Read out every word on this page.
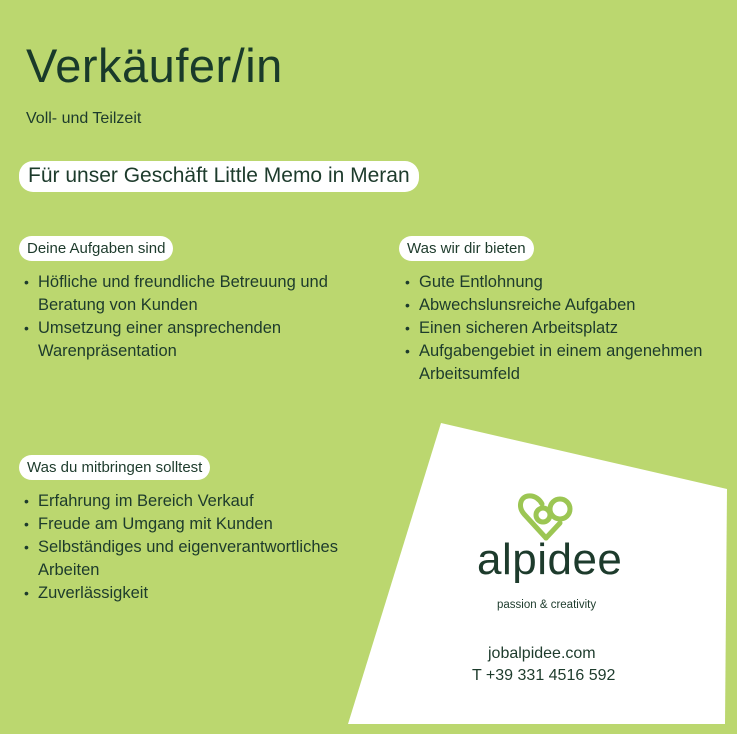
Verkäufer/in
Voll- und Teilzeit
Für unser Geschäft Little Memo in Meran
Deine Aufgaben sind
• Höfliche und freundliche Betreuung und Beratung von Kunden
• Umsetzung einer ansprechenden Warenpräsentation
Was wir dir bieten
• Gute Entlohnung
• Abwechslunsreiche Aufgaben
• Einen sicheren Arbeitsplatz
• Aufgabengebiet in einem angenehmen Arbeitsumfeld
Was du mitbringen solltest
• Erfahrung im Bereich Verkauf
• Freude am Umgang mit Kunden
• Selbständiges und eigenverantwortliches Arbeiten
• Zuverlässigkeit
alpidee
passion & creativity
jobalpidee.com
T +39 331 4516 592
